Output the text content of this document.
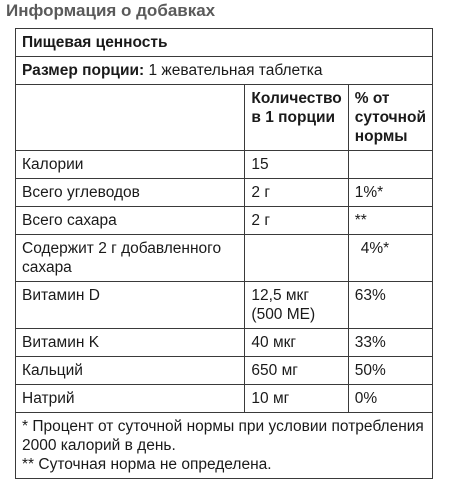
Информация о добавках
Пищевая ценность		
Размер порции: 1 жевательная таблетка		
	Количество в 1 порции	% от суточной нормы
Калории	15	
Всего углеводов	2 г	1%*
Всего сахара	2 г	**
Содержит 2 г добавленного сахара		4%*
Витамин D	12,5 мкг (500 МЕ)	63%
Витамин K	40 мкг	33%
Кальций	650 мг	50%
Натрий	10 мг	0%

* Процент от суточной нормы при условии потребления 2000 калорий в день.
** Суточная норма не определена.		
